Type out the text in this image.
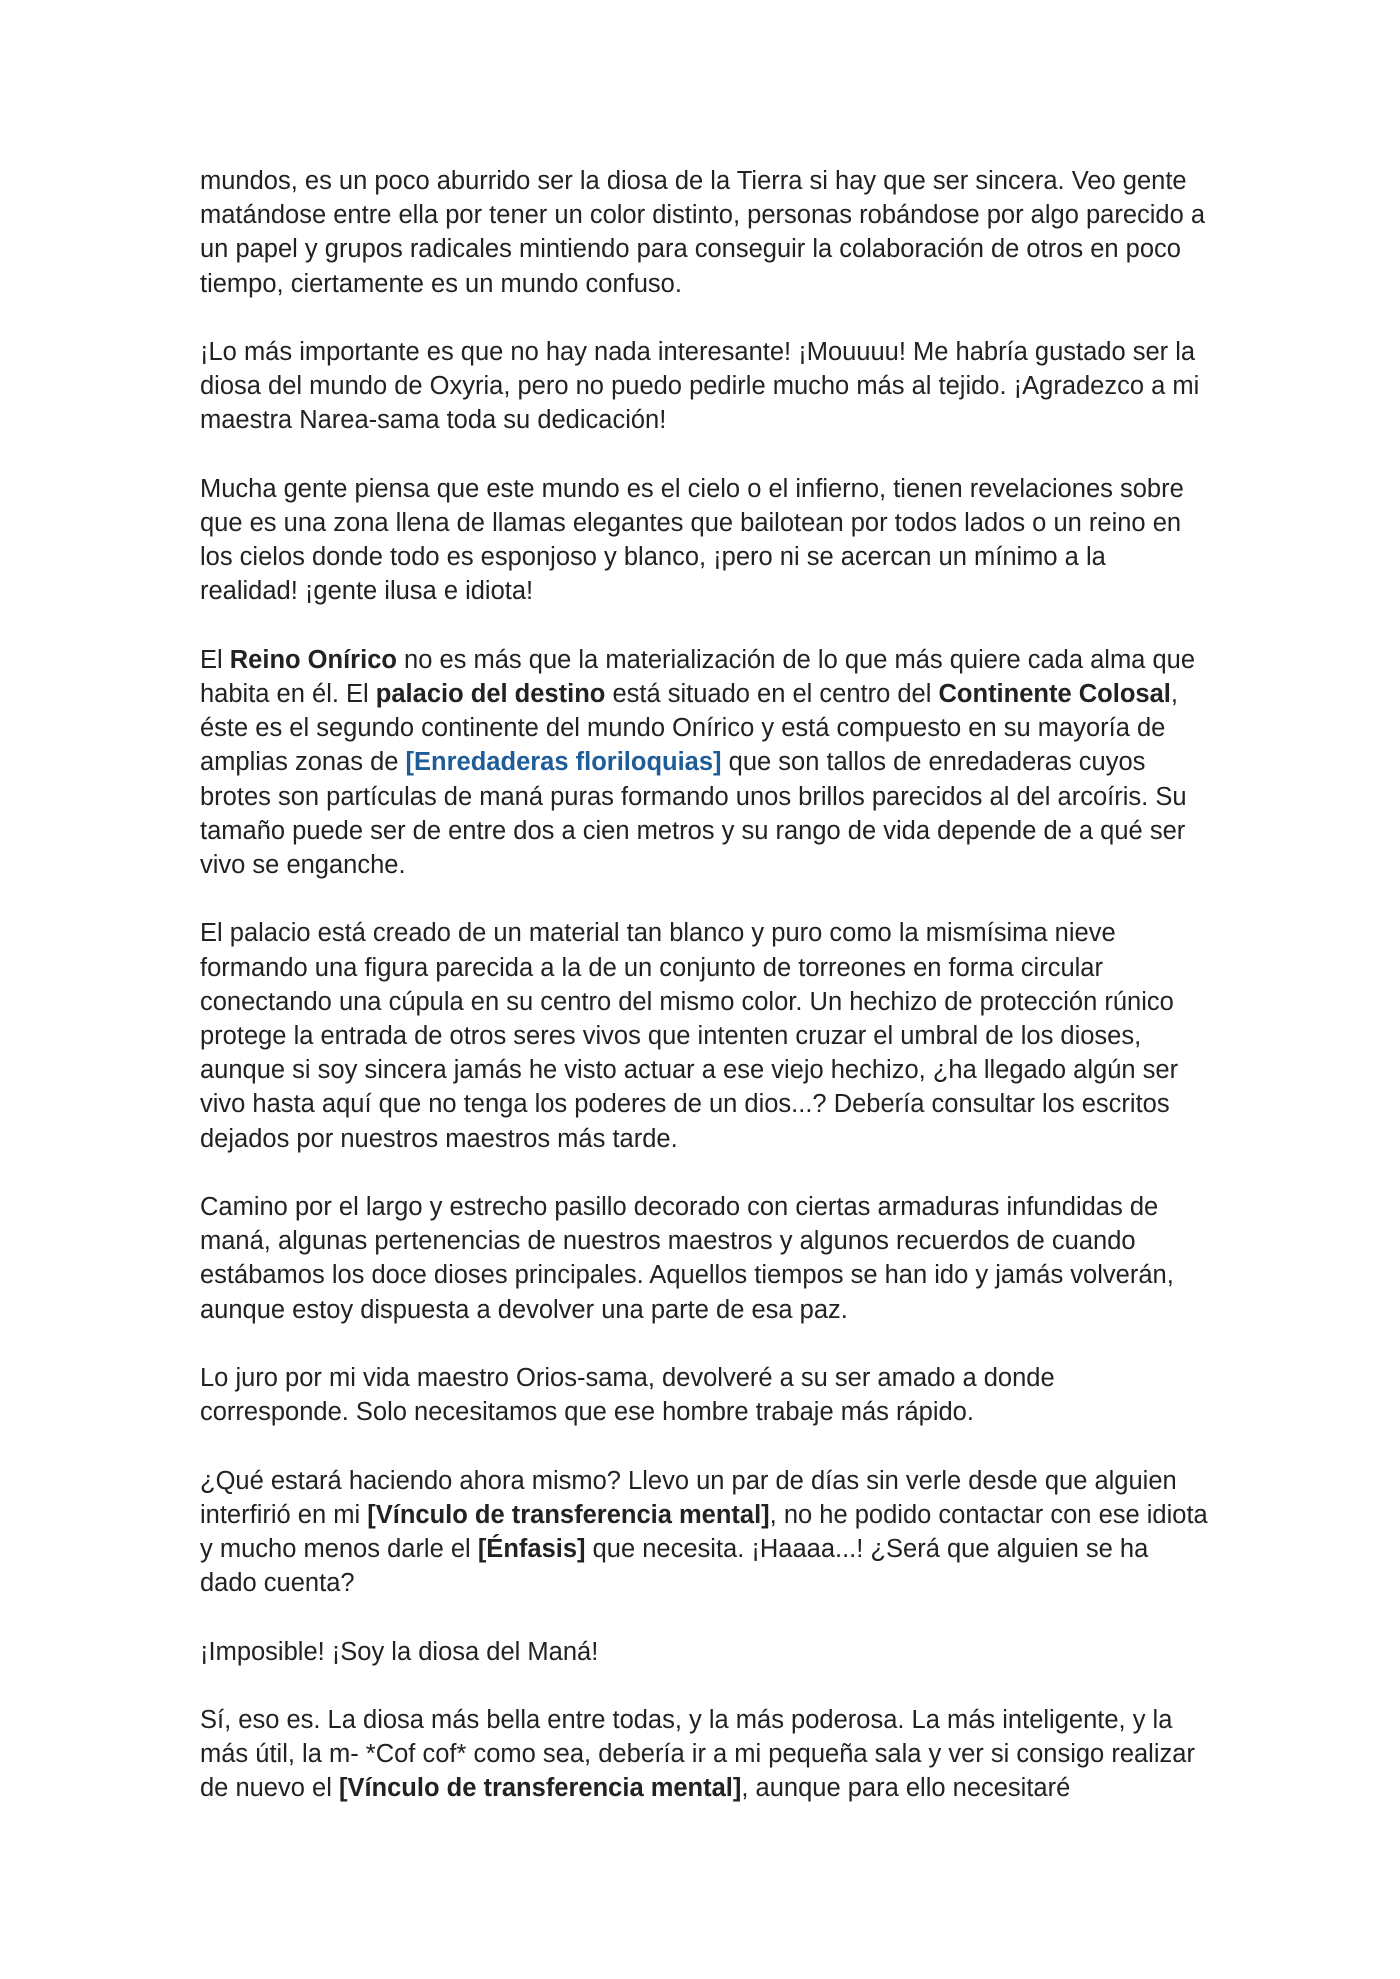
mundos, es un poco aburrido ser la diosa de la Tierra si hay que ser sincera. Veo gente matándose entre ella por tener un color distinto, personas robándose por algo parecido a un papel y grupos radicales mintiendo para conseguir la colaboración de otros en poco tiempo, ciertamente es un mundo confuso.

¡Lo más importante es que no hay nada interesante! ¡Mouuuu! Me habría gustado ser la diosa del mundo de Oxyria, pero no puedo pedirle mucho más al tejido. ¡Agradezco a mi maestra Narea-sama toda su dedicación!

Mucha gente piensa que este mundo es el cielo o el infierno, tienen revelaciones sobre que es una zona llena de llamas elegantes que bailotean por todos lados o un reino en los cielos donde todo es esponjoso y blanco, ¡pero ni se acercan un mínimo a la realidad! ¡gente ilusa e idiota!

El Reino Onírico no es más que la materialización de lo que más quiere cada alma que habita en él. El palacio del destino está situado en el centro del Continente Colosal, éste es el segundo continente del mundo Onírico y está compuesto en su mayoría de amplias zonas de [Enredaderas floriloquias] que son tallos de enredaderas cuyos brotes son partículas de maná puras formando unos brillos parecidos al del arcoíris. Su tamaño puede ser de entre dos a cien metros y su rango de vida depende de a qué ser vivo se enganche.

El palacio está creado de un material tan blanco y puro como la mismísima nieve formando una figura parecida a la de un conjunto de torreones en forma circular conectando una cúpula en su centro del mismo color. Un hechizo de protección rúnico protege la entrada de otros seres vivos que intenten cruzar el umbral de los dioses, aunque si soy sincera jamás he visto actuar a ese viejo hechizo, ¿ha llegado algún ser vivo hasta aquí que no tenga los poderes de un dios...? Debería consultar los escritos dejados por nuestros maestros más tarde.

Camino por el largo y estrecho pasillo decorado con ciertas armaduras infundidas de maná, algunas pertenencias de nuestros maestros y algunos recuerdos de cuando estábamos los doce dioses principales. Aquellos tiempos se han ido y jamás volverán, aunque estoy dispuesta a devolver una parte de esa paz.

Lo juro por mi vida maestro Orios-sama, devolveré a su ser amado a donde corresponde. Solo necesitamos que ese hombre trabaje más rápido.

¿Qué estará haciendo ahora mismo? Llevo un par de días sin verle desde que alguien interfirió en mi [Vínculo de transferencia mental], no he podido contactar con ese idiota y mucho menos darle el [Énfasis] que necesita. ¡Haaaa...! ¿Será que alguien se ha dado cuenta?

¡Imposible! ¡Soy la diosa del Maná!

Sí, eso es. La diosa más bella entre todas, y la más poderosa. La más inteligente, y la más útil, la m- *Cof cof* como sea, debería ir a mi pequeña sala y ver si consigo realizar de nuevo el [Vínculo de transferencia mental], aunque para ello necesitaré
